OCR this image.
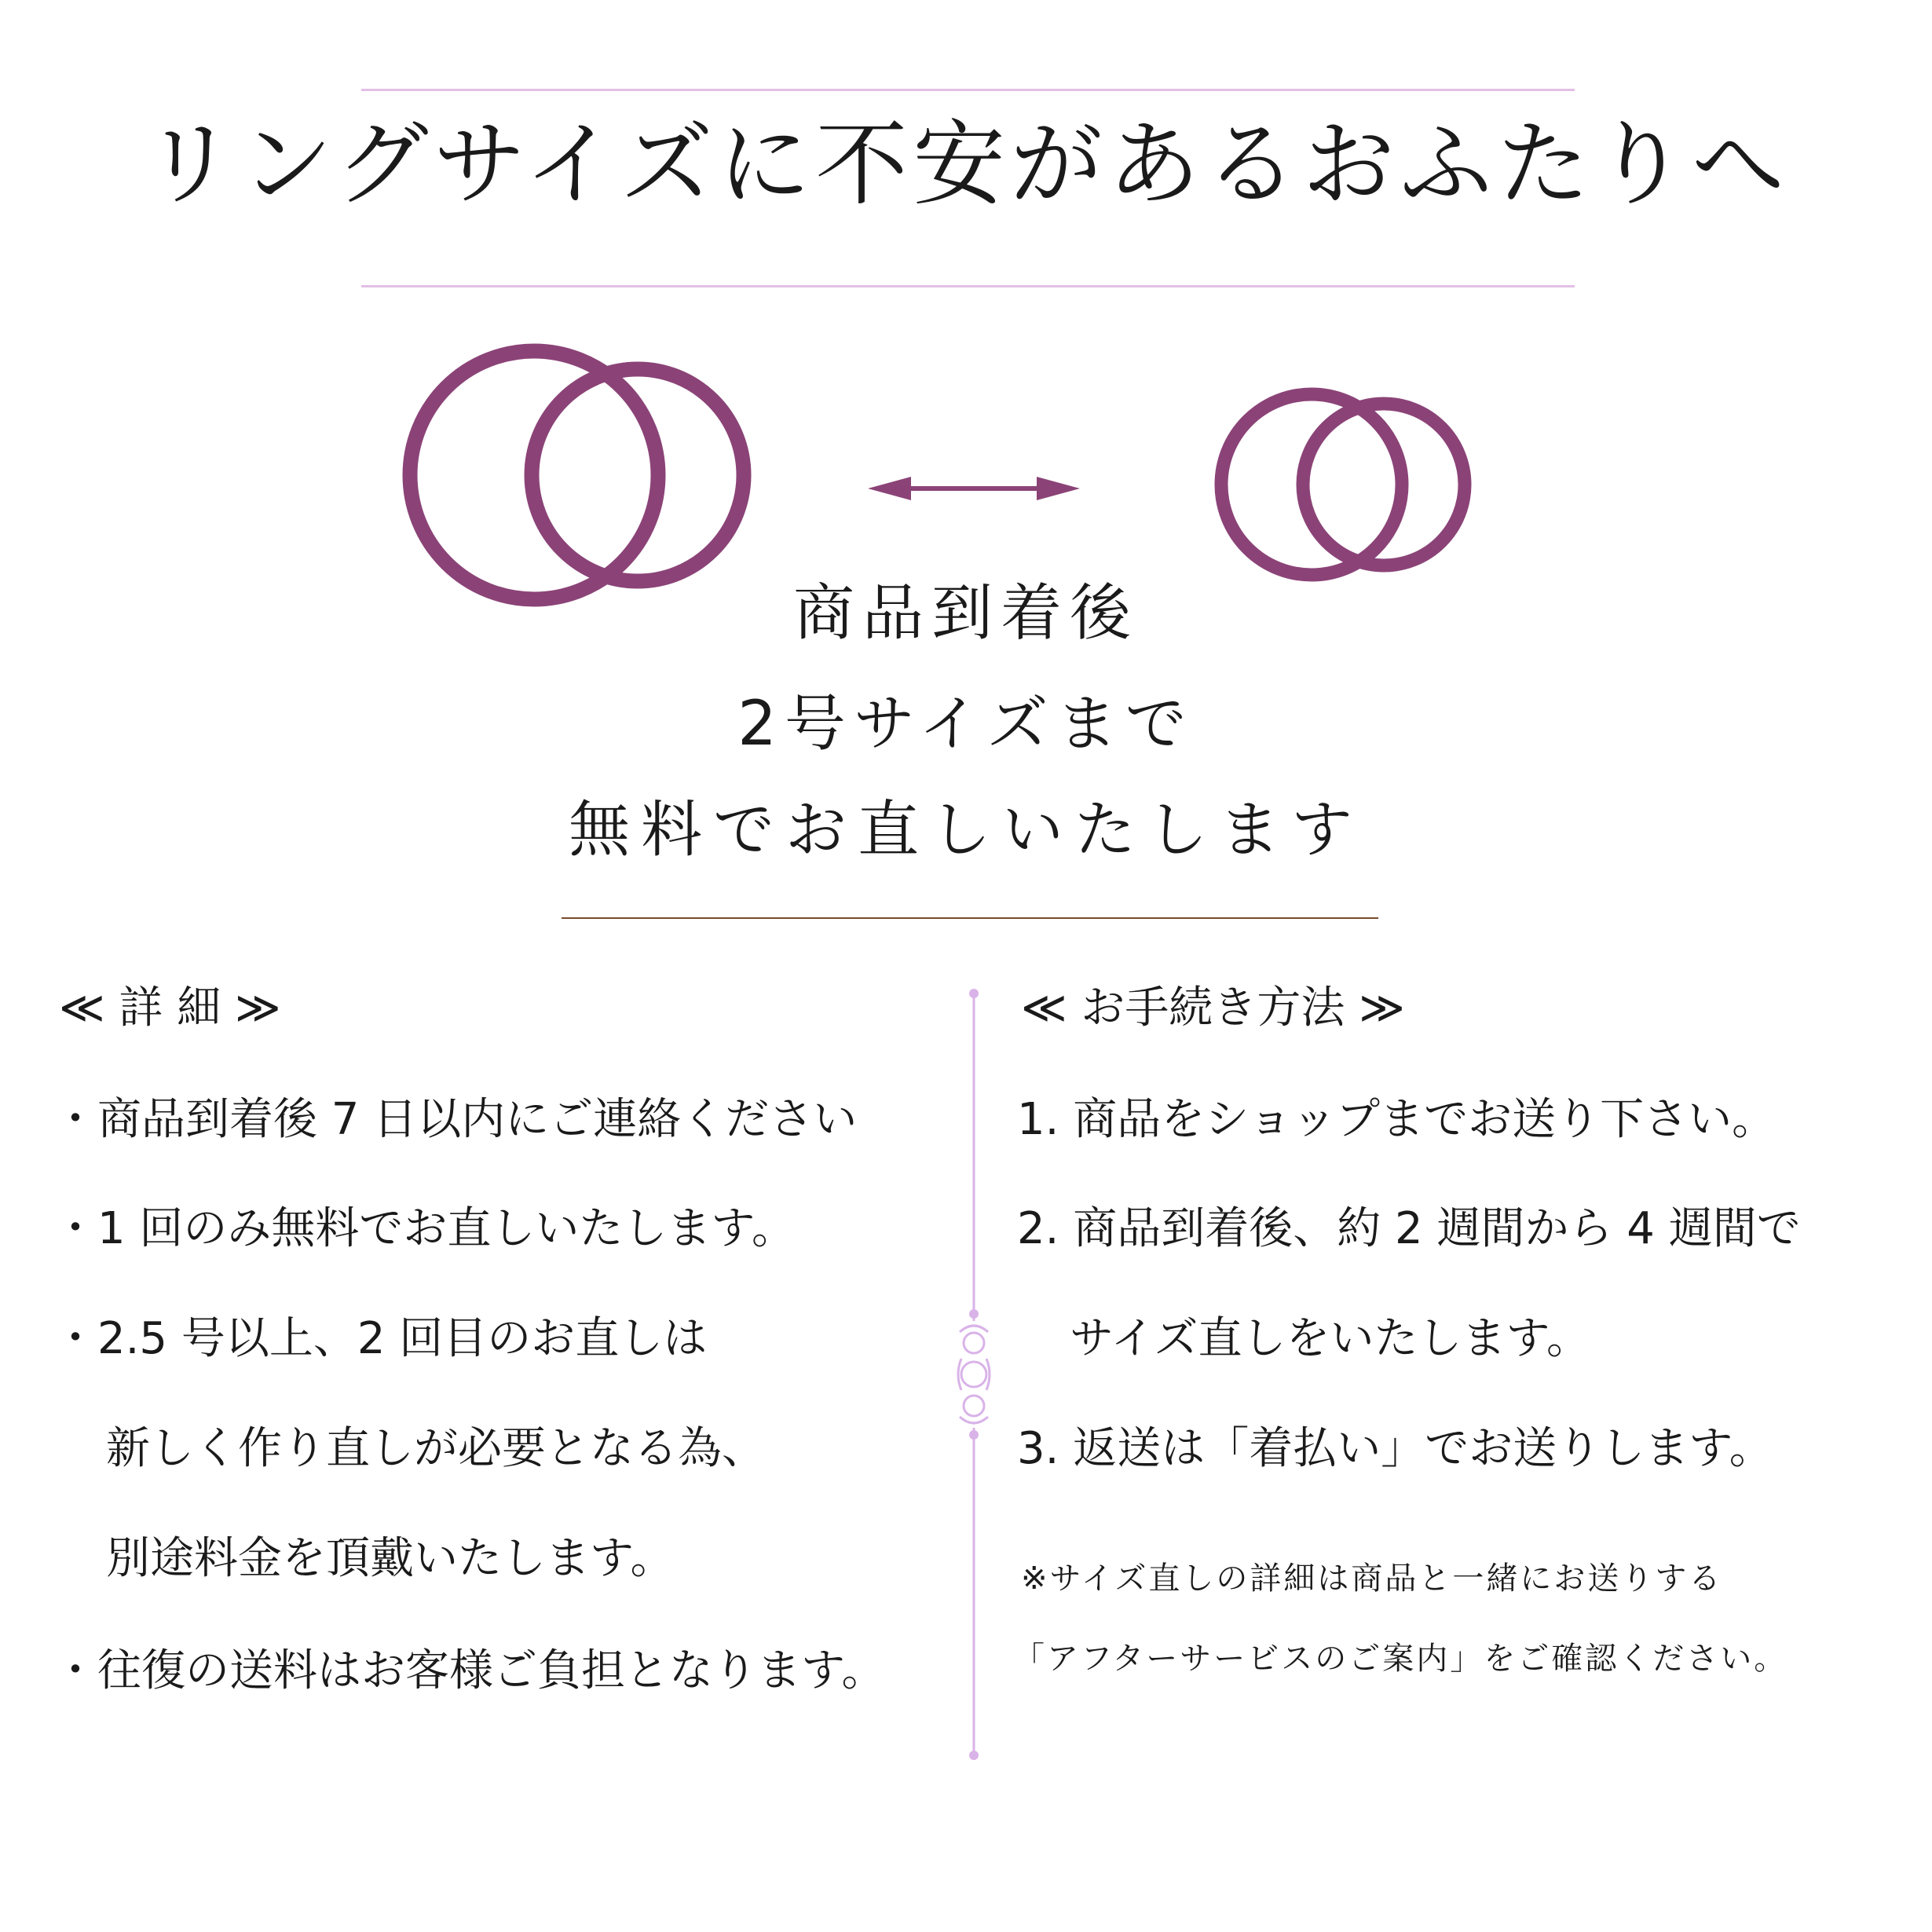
リングサイズに不安があるおふたりへ
商品到着後
2号サイズまで
無料でお直しいたします
≪ 詳 細 ≫
・商品到着後 7 日以内にご連絡ください
・1 回のみ無料でお直しいたします。
・2.5 号以上、2 回目のお直しは
新しく作り直しが必要となる為、
別途料金を頂戴いたします。
・往復の送料はお客様ご負担となります。
≪ お手続き方法 ≫
1. 商品をショップまでお送り下さい。
2. 商品到着後、約 2 週間から 4 週間で
サイズ直しをいたします。
3. 返送は「着払い」でお送りします。
※サイズ直しの詳細は商品と一緒にお送りする
「アフターサービスのご案内」をご確認ください。
